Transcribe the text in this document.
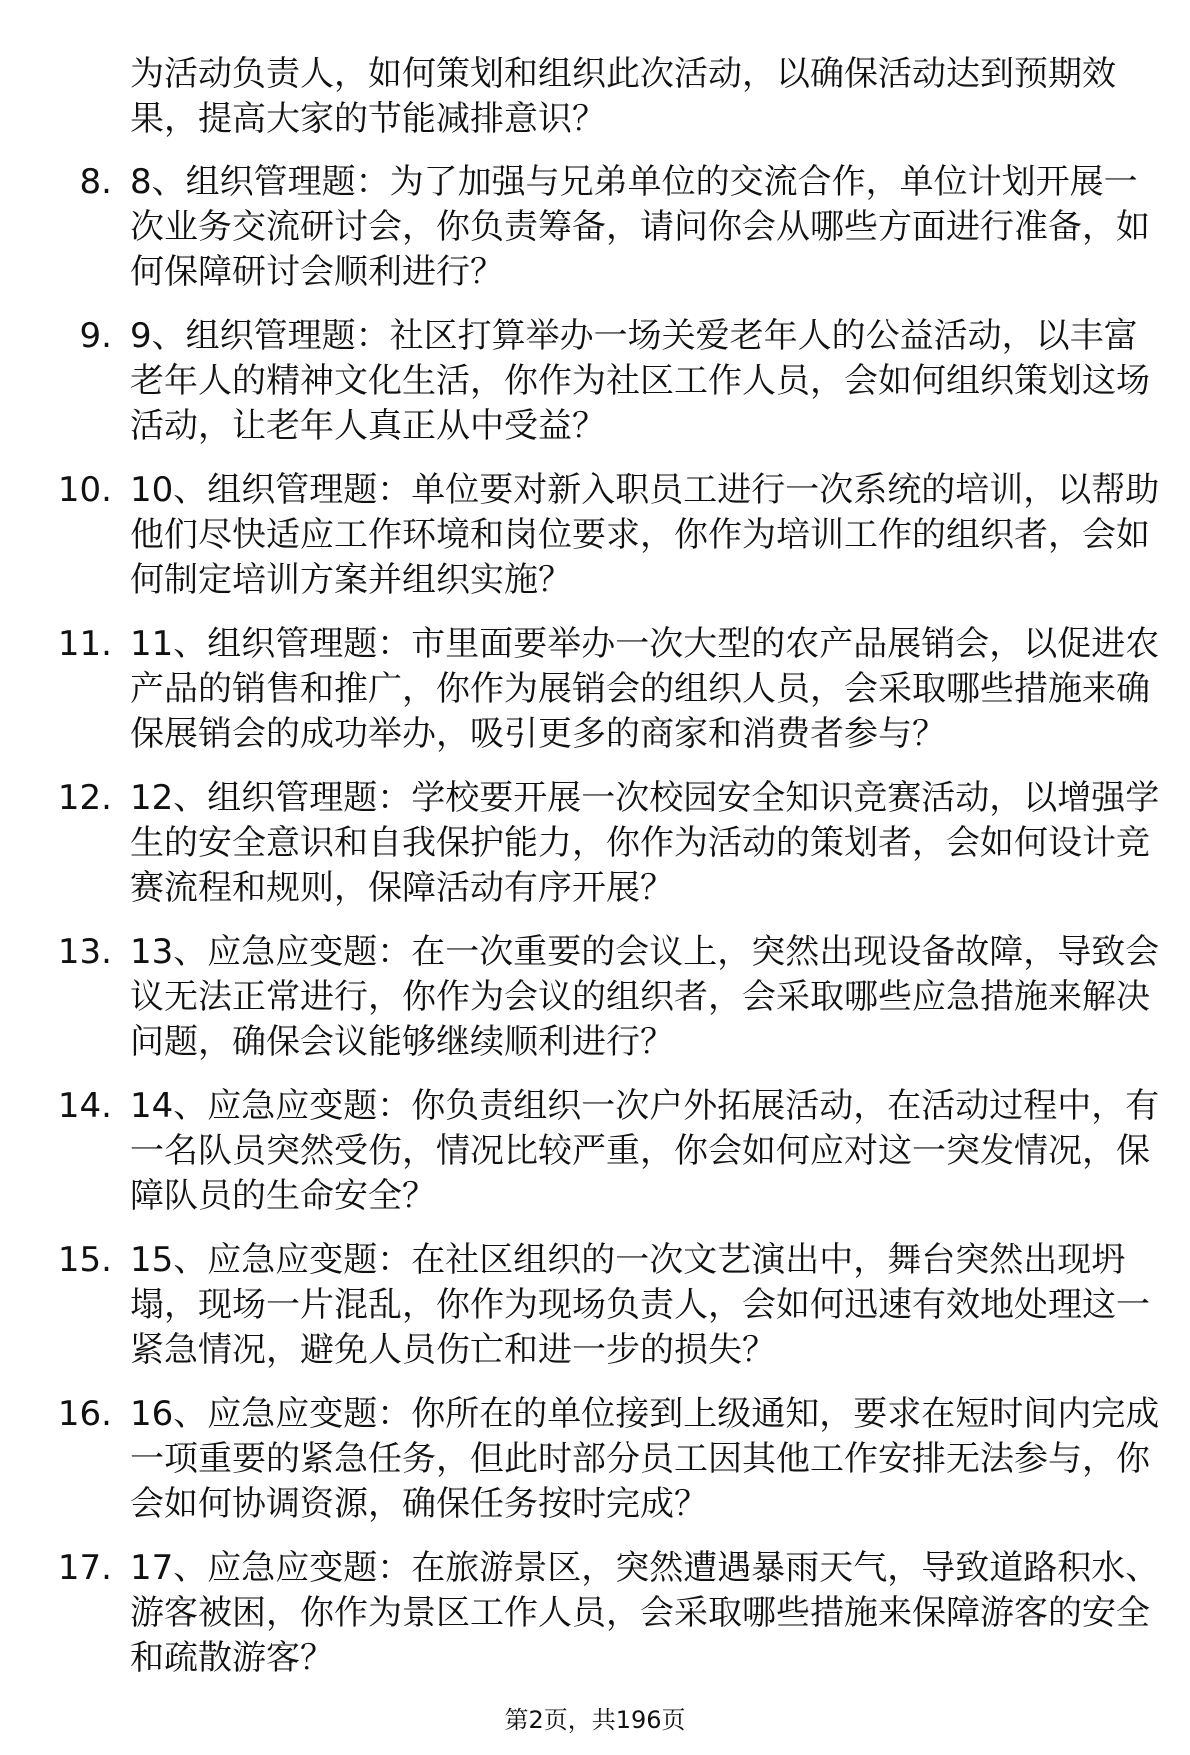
为活动负责人，如何策划和组织此次活动，以确保活动达到预期效果，提高大家的节能减排意识？

8. 8、组织管理题：为了加强与兄弟单位的交流合作，单位计划开展一次业务交流研讨会，你负责筹备，请问你会从哪些方面进行准备，如何保障研讨会顺利进行？
9. 9、组织管理题：社区打算举办一场关爱老年人的公益活动，以丰富老年人的精神文化生活，你作为社区工作人员，会如何组织策划这场活动，让老年人真正从中受益？
10. 10、组织管理题：单位要对新入职员工进行一次系统的培训，以帮助他们尽快适应工作环境和岗位要求，你作为培训工作的组织者，会如何制定培训方案并组织实施？
11. 11、组织管理题：市里面要举办一次大型的农产品展销会，以促进农产品的销售和推广，你作为展销会的组织人员，会采取哪些措施来确保展销会的成功举办，吸引更多的商家和消费者参与？
12. 12、组织管理题：学校要开展一次校园安全知识竞赛活动，以增强学生的安全意识和自我保护能力，你作为活动的策划者，会如何设计竞赛流程和规则，保障活动有序开展？
13. 13、应急应变题：在一次重要的会议上，突然出现设备故障，导致会议无法正常进行，你作为会议的组织者，会采取哪些应急措施来解决问题，确保会议能够继续顺利进行？
14. 14、应急应变题：你负责组织一次户外拓展活动，在活动过程中，有一名队员突然受伤，情况比较严重，你会如何应对这一突发情况，保障队员的生命安全？
15. 15、应急应变题：在社区组织的一次文艺演出中，舞台突然出现坍塌，现场一片混乱，你作为现场负责人，会如何迅速有效地处理这一紧急情况，避免人员伤亡和进一步的损失？
16. 16、应急应变题：你所在的单位接到上级通知，要求在短时间内完成一项重要的紧急任务，但此时部分员工因其他工作安排无法参与，你会如何协调资源，确保任务按时完成？
17. 17、应急应变题：在旅游景区，突然遭遇暴雨天气，导致道路积水、游客被困，你作为景区工作人员，会采取哪些措施来保障游客的安全和疏散游客？
第2页，共196页
